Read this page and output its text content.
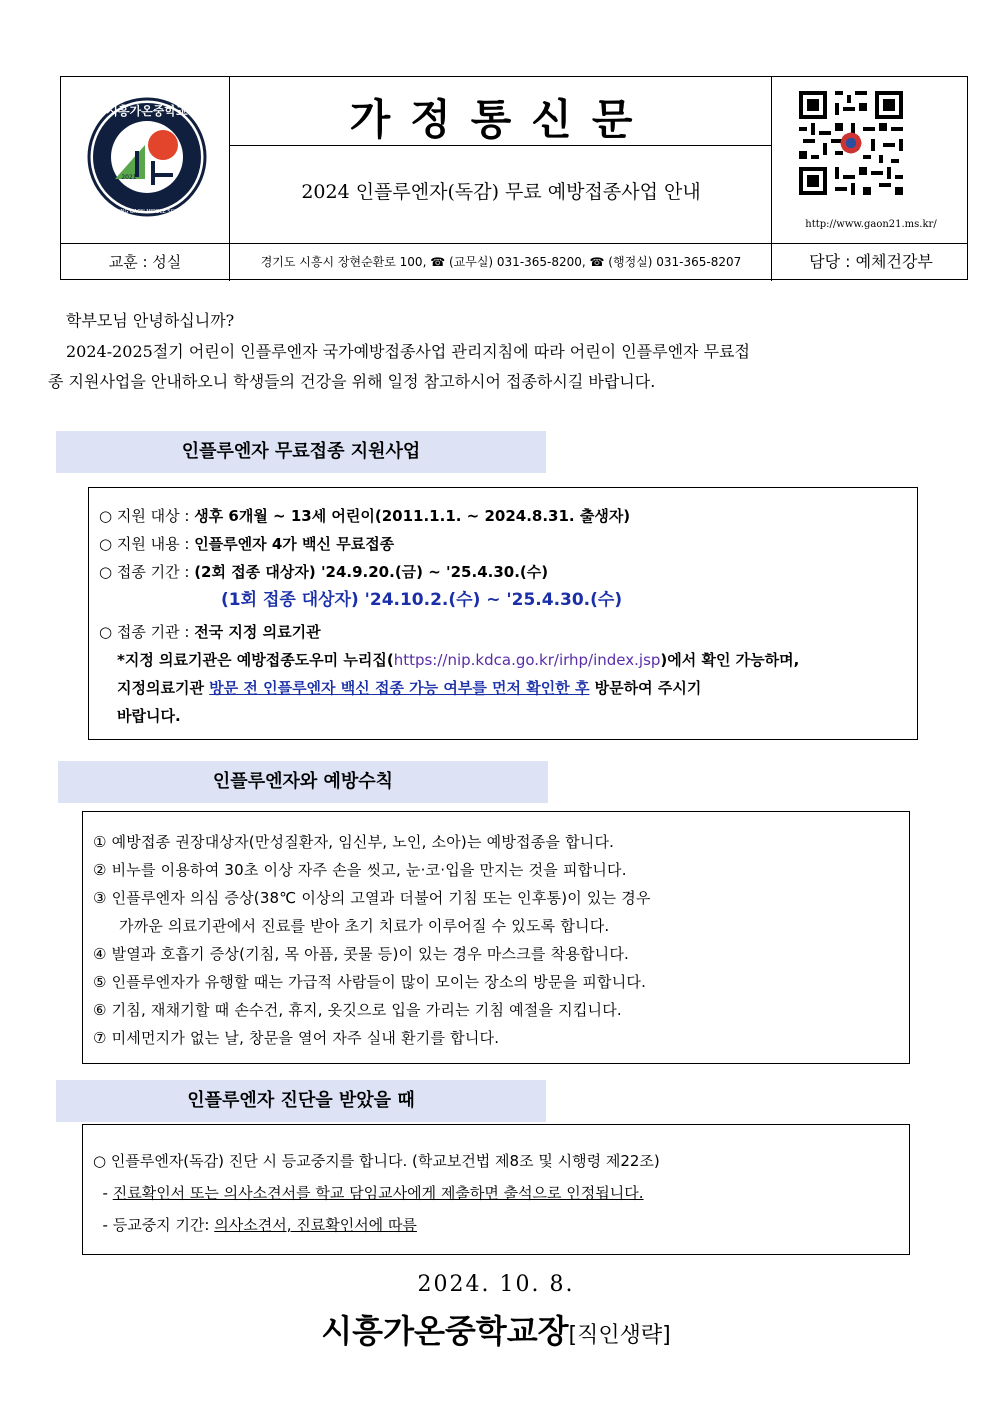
시흥가온중학교
2021
SIHEUNG GAON MIDDLE SCHOOL
가정통신문
2024 인플루엔자(독감) 무료 예방접종사업 안내
http://www.gaon21.ms.kr/
교훈 : 성실	경기도 시흥시 장현순환로 100, ☎ (교무실) 031-365-8200, ☎ (행정실) 031-365-8207	담당 : 예체건강부
학부모님 안녕하십니까?
2024-2025절기 어린이 인플루엔자 국가예방접종사업 관리지침에 따라 어린이 인플루엔자 무료접
종 지원사업을 안내하오니 학생들의 건강을 위해 일정 참고하시어 접종하시길 바랍니다.
인플루엔자 무료접종 지원사업
○ 지원 대상 : 생후 6개월 ~ 13세 어린이(2011.1.1. ~ 2024.8.31. 출생자)
○ 지원 내용 : 인플루엔자 4가 백신 무료접종
○ 접종 기간 : (2회 접종 대상자) '24.9.20.(금) ~ '25.4.30.(수)
(1회 접종 대상자) '24.10.2.(수) ~ '25.4.30.(수)
○ 접종 기관 : 전국 지정 의료기관
*지정 의료기관은 예방접종도우미 누리집(https://nip.kdca.go.kr/irhp/index.jsp)에서 확인 가능하며,
지정의료기관 방문 전 인플루엔자 백신 접종 가능 여부를 먼저 확인한 후 방문하여 주시기
바랍니다.
인플루엔자와 예방수칙
① 예방접종 권장대상자(만성질환자, 임신부, 노인, 소아)는 예방접종을 합니다.
② 비누를 이용하여 30초 이상 자주 손을 씻고, 눈·코·입을 만지는 것을 피합니다.
③ 인플루엔자 의심 증상(38℃ 이상의 고열과 더불어 기침 또는 인후통)이 있는 경우
가까운 의료기관에서 진료를 받아 초기 치료가 이루어질 수 있도록 합니다.
④ 발열과 호흡기 증상(기침, 목 아픔, 콧물 등)이 있는 경우 마스크를 착용합니다.
⑤ 인플루엔자가 유행할 때는 가급적 사람들이 많이 모이는 장소의 방문을 피합니다.
⑥ 기침, 재채기할 때 손수건, 휴지, 옷깃으로 입을 가리는 기침 예절을 지킵니다.
⑦ 미세먼지가 없는 날, 창문을 열어 자주 실내 환기를 합니다.
인플루엔자 진단을 받았을 때
○ 인플루엔자(독감) 진단 시 등교중지를 합니다. (학교보건법 제8조 및 시행령 제22조)
- 진료확인서 또는 의사소견서를 학교 담임교사에게 제출하면 출석으로 인정됩니다.
- 등교중지 기간: 의사소견서, 진료확인서에 따름
2024. 10. 8.
시흥가온중학교장[직인생략]
